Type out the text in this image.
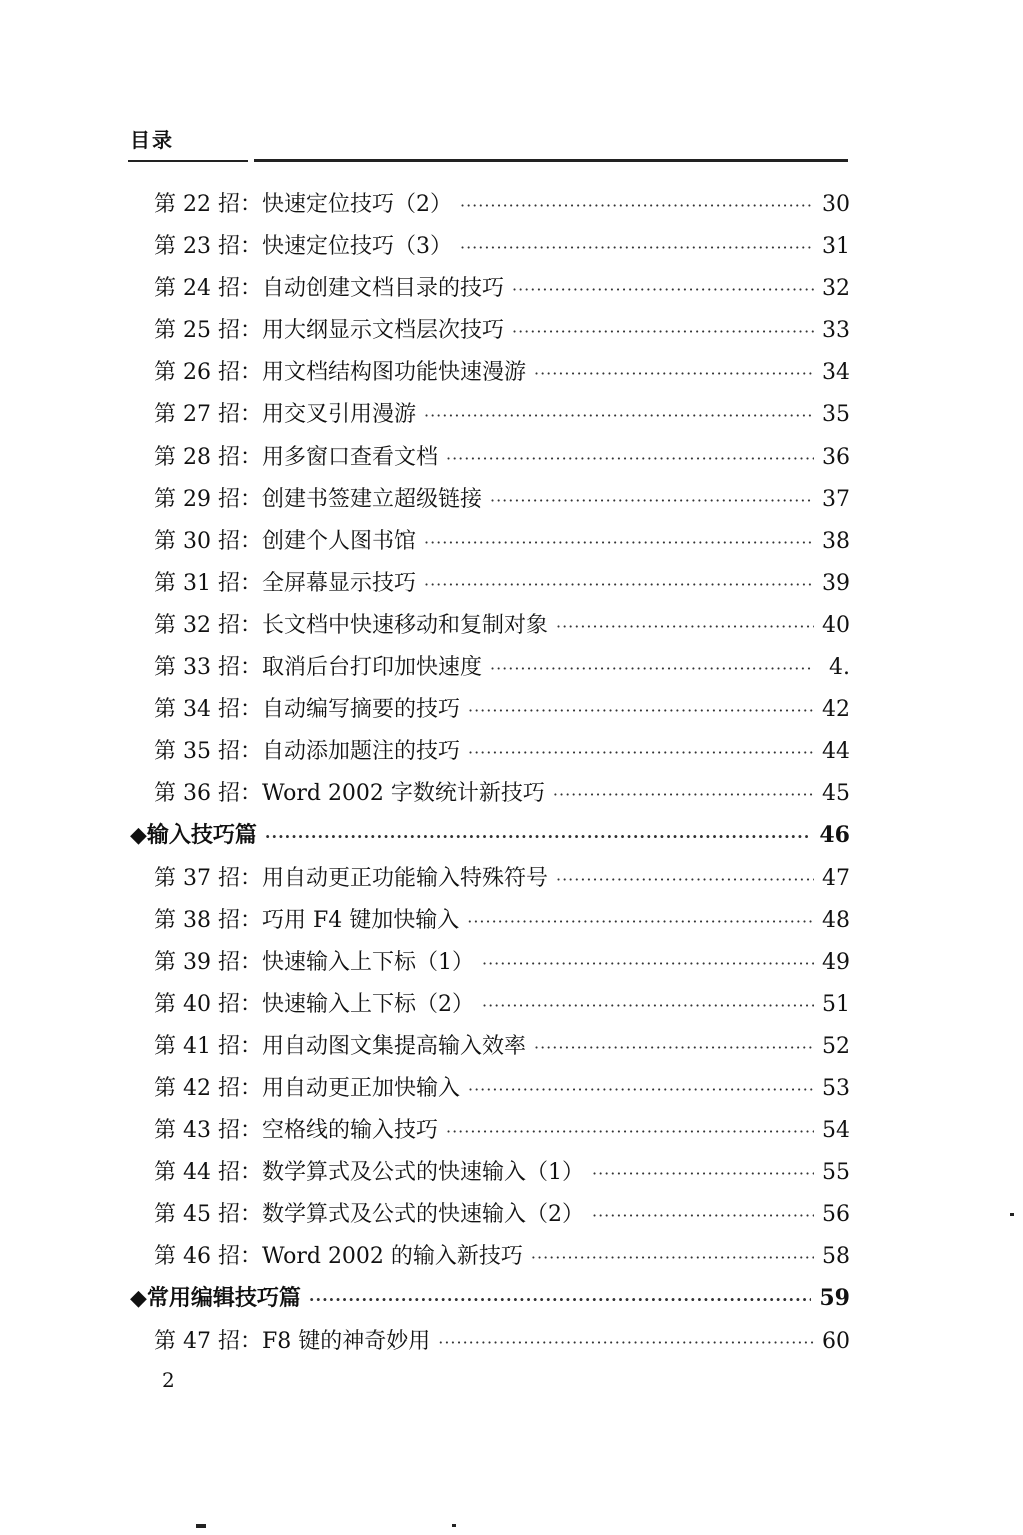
目录
第 22 招：快速定位技巧（2） ·····	30
第 23 招：快速定位技巧（3） ·····	31
第 24 招：自动创建文档目录的技巧 ·····	32
第 25 招：用大纲显示文档层次技巧 ·····	33
第 26 招：用文档结构图功能快速漫游 ·····	34
第 27 招：用交叉引用漫游 ·····	35
第 28 招：用多窗口查看文档 ·····	36
第 29 招：创建书签建立超级链接 ·····	37
第 30 招：创建个人图书馆 ·····	38
第 31 招：全屏幕显示技巧 ·····	39
第 32 招：长文档中快速移动和复制对象 ·····	40
第 33 招：取消后台打印加快速度 ·····	4.
第 34 招：自动编写摘要的技巧 ·····	42
第 35 招：自动添加题注的技巧 ·····	44
第 36 招：Word 2002 字数统计新技巧 ·····	45
◆输入技巧篇 ·····	46
第 37 招：用自动更正功能输入特殊符号 ·····	47
第 38 招：巧用 F4 键加快输入 ·····	48
第 39 招：快速输入上下标（1） ·····	49
第 40 招：快速输入上下标（2） ·····	51
第 41 招：用自动图文集提高输入效率 ·····	52
第 42 招：用自动更正加快输入 ·····	53
第 43 招：空格线的输入技巧 ·····	54
第 44 招：数学算式及公式的快速输入（1） ·····	55
第 45 招：数学算式及公式的快速输入（2） ·····	56
第 46 招：Word 2002 的输入新技巧 ·····	58
◆常用编辑技巧篇 ·····	59
第 47 招：F8 键的神奇妙用 ·····	60
2
